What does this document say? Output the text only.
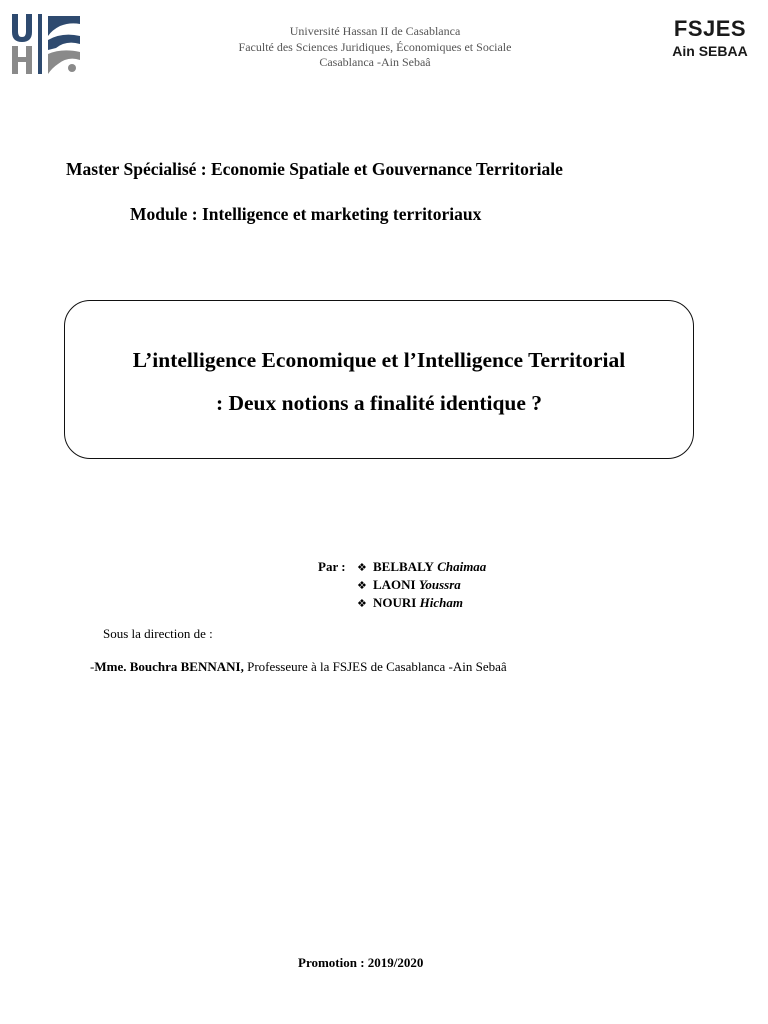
FSJES
Ain SEBAA
Université Hassan II de Casablanca
Faculté des Sciences Juridiques, Économiques et Sociale
Casablanca -Ain Sebaâ
Master Spécialisé : Economie Spatiale et Gouvernance Territoriale
Module : Intelligence et marketing territoriaux
L’intelligence Economique et l’Intelligence Territorial
: Deux notions a finalité identique ?
Par : ❖ BELBALY Chaimaa
❖ LAONI Youssra
❖ NOURI Hicham
Sous la direction de :
-Mme. Bouchra BENNANI, Professeure à la FSJES de Casablanca -Ain Sebaâ
Promotion : 2019/2020
